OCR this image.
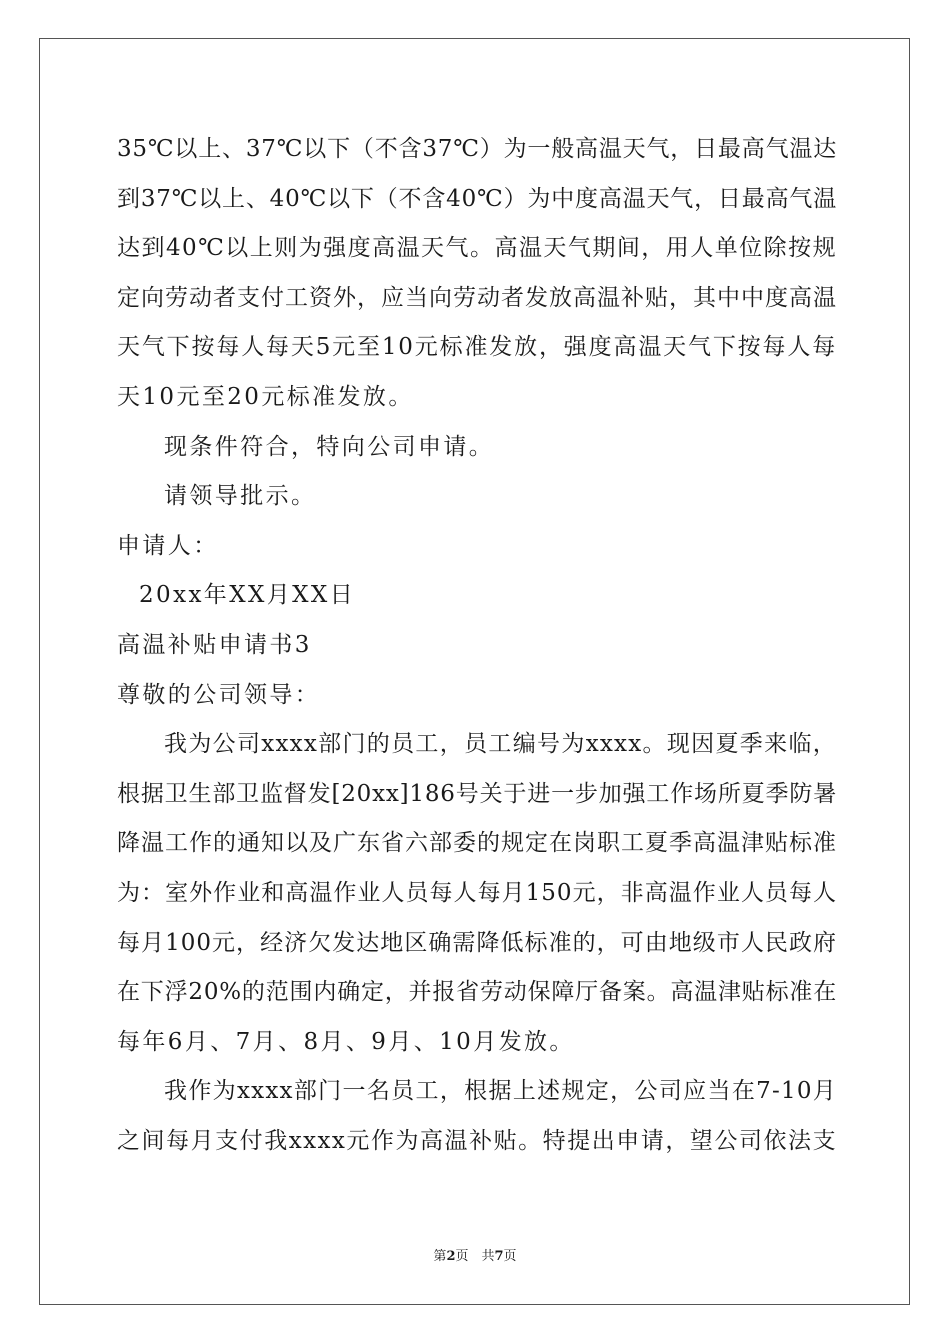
35℃以上、37℃以下（不含37℃）为一般高温天气，日最高气温达
到37℃以上、40℃以下（不含40℃）为中度高温天气，日最高气温
达到40℃以上则为强度高温天气。高温天气期间，用人单位除按规
定向劳动者支付工资外，应当向劳动者发放高温补贴，其中中度高温
天气下按每人每天5元至10元标准发放，强度高温天气下按每人每
天10元至20元标准发放。
现条件符合，特向公司申请。
请领导批示。
申请人：
20xx年XX月XX日
高温补贴申请书3
尊敬的公司领导：
我为公司xxxx部门的员工，员工编号为xxxx。现因夏季来临，
根据卫生部卫监督发[20xx]186号关于进一步加强工作场所夏季防暑
降温工作的通知以及广东省六部委的规定在岗职工夏季高温津贴标准
为：室外作业和高温作业人员每人每月150元，非高温作业人员每人
每月100元，经济欠发达地区确需降低标准的，可由地级市人民政府
在下浮20%的范围内确定，并报省劳动保障厅备案。高温津贴标准在
每年6月、7月、8月、9月、10月发放。
我作为xxxx部门一名员工，根据上述规定，公司应当在7-10月
之间每月支付我xxxx元作为高温补贴。特提出申请，望公司依法支
第2页　共7页
